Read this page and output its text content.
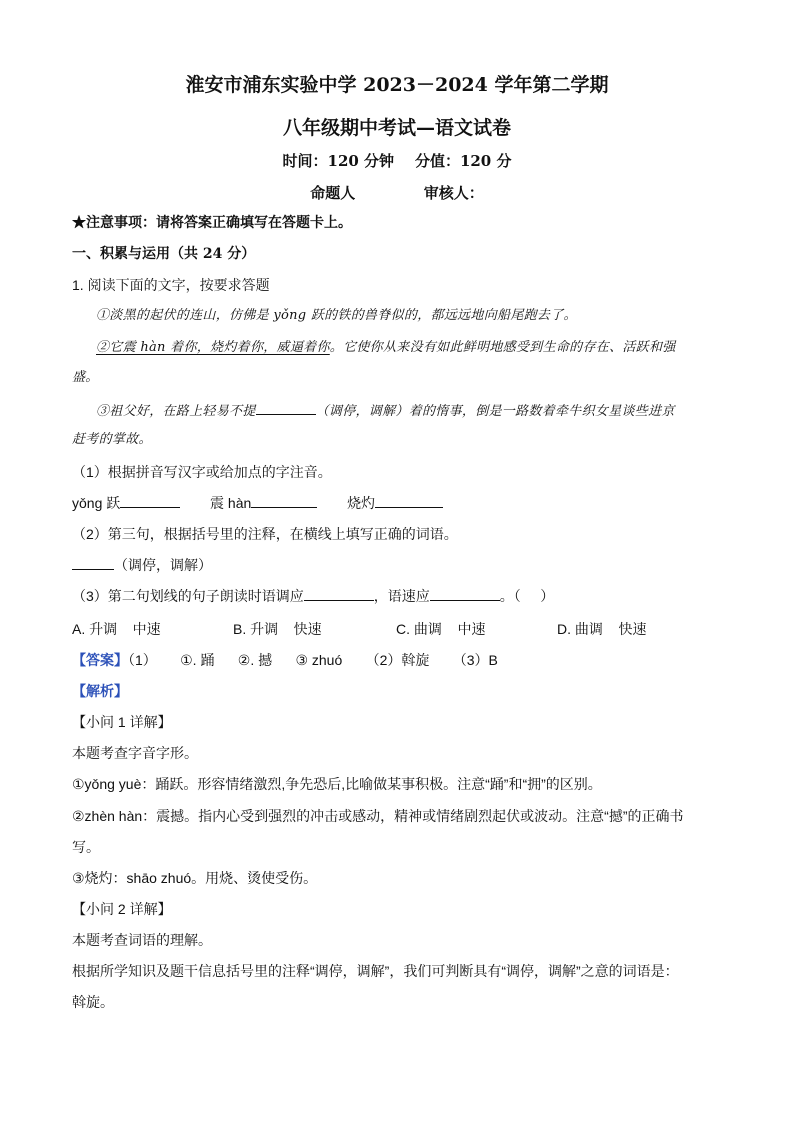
淮安市浦东实验中学 2023－2024 学年第二学期
八年级期中考试—语文试卷
时间：120 分钟    分值：120 分
命题人	审核人：
★注意事项：请将答案正确填写在答题卡上。
一、积累与运用（共 24 分）
1. 阅读下面的文字，按要求答题
①淡黑的起伏的连山，仿佛是 yǒng 跃的铁的兽脊似的，都远远地向船尾跑去了。
②它震 hàn 着你，烧灼着你，威逼着你。它使你从来没有如此鲜明地感受到生命的存在、活跃和强
盛。
③祖父好，在路上轻易不提	（调停，调解）着的惰事，倒是一路数着牵牛织女星谈些进京
赶考的掌故。
（1）根据拼音写汉字或给加点的字注音。
yǒng 跃	震 hàn	烧灼
（2）第三句，根据括号里的注释，在横线上填写正确的词语。
（调停，调解）
（3）第二句划线的句子朗读时语调应	，语速应	。（     ）
A. 升调    中速	B. 升调    快速	C. 曲调    中速	D. 曲调    快速
【答案】（1）      ①. 踊      ②. 撼      ③ zhuó      （2）斡旋      （3）B
【解析】
【小问 1 详解】
本题考查字音字形。
①yǒng yuè：踊跃。形容情绪激烈,争先恐后,比喻做某事积极。注意“踊”和“拥”的区别。
②zhèn hàn：震撼。指内心受到强烈的冲击或感动，精神或情绪剧烈起伏或波动。注意“撼”的正确书
写。
③烧灼：shāo zhuó。用烧、烫使受伤。
【小问 2 详解】
本题考查词语的理解。
根据所学知识及题干信息括号里的注释“调停，调解”，我们可判断具有“调停，调解”之意的词语是：
斡旋。
